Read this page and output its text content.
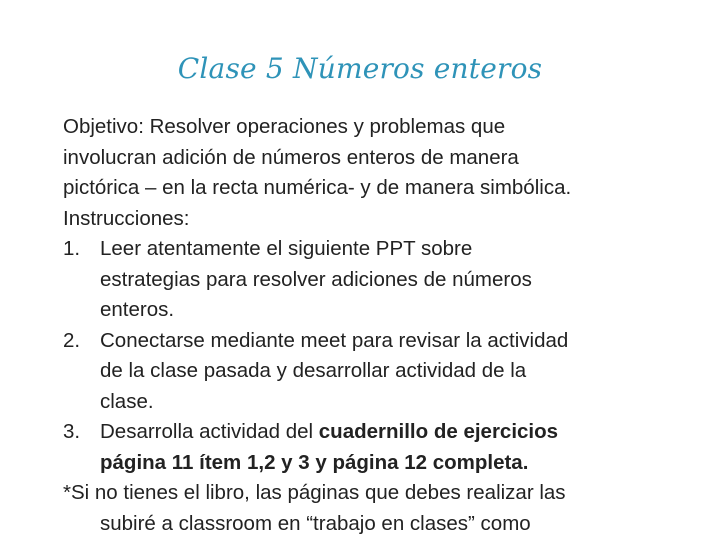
Clase 5 Números enteros
Objetivo: Resolver operaciones y problemas que
involucran adición de números enteros de manera
pictórica – en la recta numérica- y de manera simbólica.
Instrucciones:
1. Leer atentamente el siguiente PPT sobre
estrategias para resolver adiciones de números
enteros.
2. Conectarse mediante meet para revisar la actividad
de la clase pasada y desarrollar actividad de la
clase.
3. Desarrolla actividad del cuadernillo de ejercicios
página 11 ítem 1,2 y 3 y página 12 completa.
*Si no tienes el libro, las páginas que debes realizar las
subiré a classroom en “trabajo en clases” como
